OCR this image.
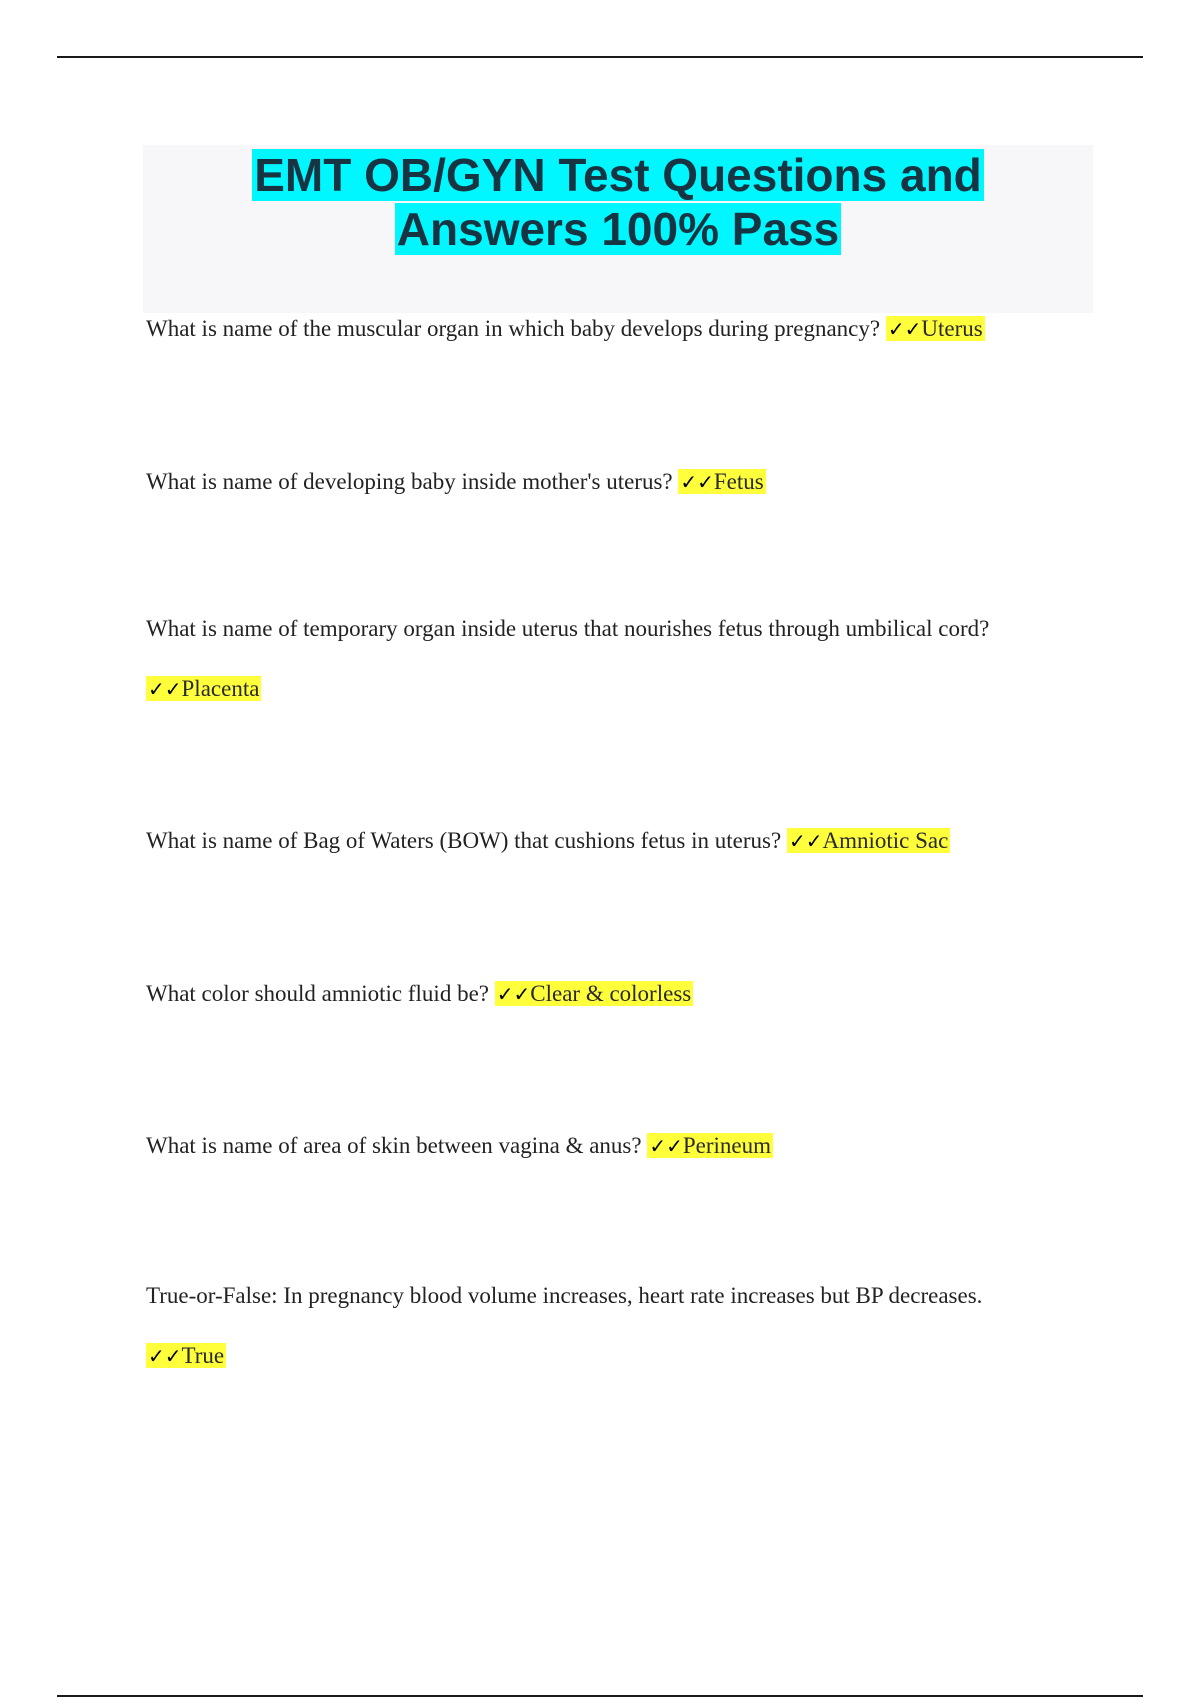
EMT OB/GYN Test Questions and
Answers 100% Pass

What is name of the muscular organ in which baby develops during pregnancy? ✓✓Uterus

What is name of developing baby inside mother's uterus? ✓✓Fetus

What is name of temporary organ inside uterus that nourishes fetus through umbilical cord?
✓✓Placenta

What is name of Bag of Waters (BOW) that cushions fetus in uterus? ✓✓Amniotic Sac

What color should amniotic fluid be? ✓✓Clear & colorless

What is name of area of skin between vagina & anus? ✓✓Perineum

True-or-False: In pregnancy blood volume increases, heart rate increases but BP decreases.
✓✓True
